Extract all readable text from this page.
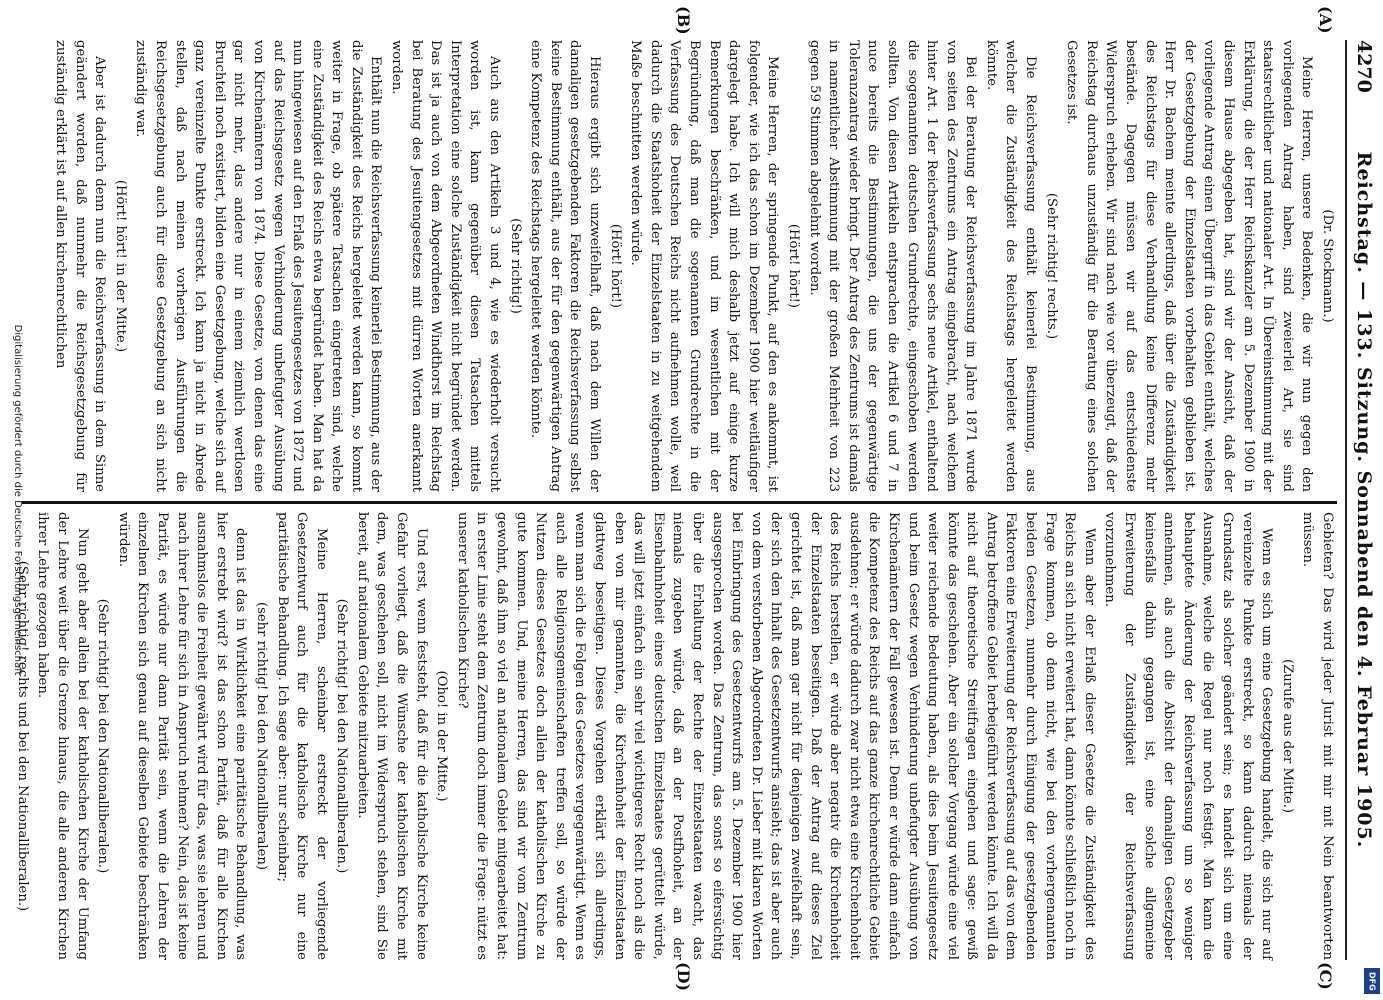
4270
Reichstag. — 133. Sitzung. Sonnabend den 4. Februar 1905.
(A)
(B)
(C)
(D)

(Dr. Stockmann.)

Meine Herren, unsere Bedenken, die wir nun gegen den vorliegenden Antrag haben, sind zweierlei Art, sie sind staatsrechtlicher und nationaler Art. In Übereinstimmung mit der Erklärung, die der Herr Reichskanzler am 5. Dezember 1900 in diesem Hause abgegeben hat, sind wir der Ansicht, daß der vorliegende Antrag einen Übergriff in das Gebiet enthält, welches der Gesetzgebung der Einzelstaaten vorbehalten geblieben ist. Herr Dr. Bachem meinte allerdings, daß über die Zuständigkeit des Reichstags für diese Verhandlung keine Differenz mehr bestände. Dagegen müssen wir auf das entschiedenste Widerspruch erheben. Wir sind nach wie vor überzeugt, daß der Reichstag durchaus unzuständig für die Beratung eines solchen Gesetzes ist.

(Sehr richtig! rechts.)

Die Reichsverfassung enthält keinerlei Bestimmung, aus welcher die Zuständigkeit des Reichstags hergeleitet werden könnte.

Bei der Beratung der Reichsverfassung im Jahre 1871 wurde von seiten des Zentrums ein Antrag eingebracht, nach welchem hinter Art. 1 der Reichsverfassung sechs neue Artikel, enthaltend die sogenannten deutschen Grundrechte, eingeschoben werden sollten. Von diesen Artikeln entsprachen die Artikel 6 und 7 in nuce bereits die Bestimmungen, die uns der gegenwärtige Toleranzantrag wieder bringt. Der Antrag des Zentrums ist damals in namentlicher Abstimmung mit der großen Mehrheit von 223 gegen 59 Stimmen abgelehnt worden.

(Hört! hört!)

Meine Herren, der springende Punkt, auf den es ankommt, ist folgender, wie ich das schon im Dezember 1900 hier weitläufiger dargelegt habe. Ich will mich deshalb jetzt auf einige kurze Bemerkungen beschränken, und im wesentlichen mit der Begründung, daß man die sogenannten Grundrechte in die Verfassung des Deutschen Reichs nicht aufnehmen wolle, weil dadurch die Staatshoheit der Einzelstaaten in zu weitgehendem Maße beschnitten werden würde.

(Hört! hört!)

Hieraus ergibt sich unzweifelhaft, daß nach dem Willen der damaligen gesetzgebenden Faktoren die Reichsverfassung selbst keine Bestimmung enthält, aus der für den gegenwärtigen Antrag eine Kompetenz des Reichstags hergeleitet werden könnte.

(Sehr richtig!)

Auch aus den Artikeln 3 und 4, wie es wiederholt versucht worden ist, kann gegenüber diesen Tatsachen mittels Interpretation eine solche Zuständigkeit nicht begründet werden. Das ist ja auch von dem Abgeordneten Windthorst im Reichstag bei Beratung des Jesuitengesetzes mit dürren Worten anerkannt worden.

Enthält nun die Reichsverfassung keinerlei Bestimmung, aus der die Zuständigkeit des Reichs hergeleitet werden kann, so kommt weiter in Frage, ob spätere Tatsachen eingetreten sind, welche eine Zuständigkeit des Reichs etwa begründet haben. Man hat da nun hingewiesen auf den Erlaß des Jesuitengesetzes von 1872 und auf das Reichsgesetz wegen Verhinderung unbefugter Ausübung von Kirchenämtern von 1874. Diese Gesetze, von denen das eine gar nicht mehr, das andere nur in einem ziemlich wertlosen Bruchteil noch existiert, bilden eine Gesetzgebung, welche sich auf ganz vereinzelte Punkte erstreckt. Ich kann ja nicht in Abrede stellen, daß nach meinen vorherigen Ausführungen die Reichsgesetzgebung auch für diese Gesetzgebung an sich nicht zuständig war.

(Hört! hört! in der Mitte.)

Aber ist dadurch denn nun die Reichsverfassung in dem Sinne geändert worden, daß nunmehr die Reichsgesetzgebung für zuständig erklärt ist auf allen kirchenrechtlichen

Gebieten? Das wird jeder Jurist mit mir mit Nein beantworten müssen.

(Zurufe aus der Mitte.)

Wenn es sich um eine Gesetzgebung handelt, die sich nur auf vereinzelte Punkte erstreckt, so kann dadurch niemals der Grundsatz als solcher geändert sein; es handelt sich um eine Ausnahme, welche die Regel nur noch festigt. Man kann die behauptete Änderung der Reichsverfassung um so weniger annehmen, als auch die Absicht der damaligen Gesetzgeber keinesfalls dahin gegangen ist, eine solche allgemeine Erweiterung der Zuständigkeit der Reichsverfassung vorzunehmen.

Wenn aber der Erlaß dieser Gesetze die Zuständigkeit des Reichs an sich nicht erweitert hat, dann könnte schließlich noch in Frage kommen, ob denn nicht, wie bei den vorhergenannten beiden Gesetzen, nunmehr durch Einigung der gesetzgebenden Faktoren eine Erweiterung der Reichsverfassung auf das von dem Antrag betroffene Gebiet herbeigeführt werden könnte. Ich will da nicht auf theoretische Streitfragen eingehen und sage: gewiß könnte das geschehen. Aber ein solcher Vorgang würde eine viel weiter reichende Bedeutung haben, als dies beim Jesuitengesetz und beim Gesetz wegen Verhinderung unbefugter Ausübung von Kirchenämtern der Fall gewesen ist. Denn er würde dann einfach die Kompetenz des Reichs auf das ganze kirchenrechtliche Gebiet ausdehnen; er würde dadurch zwar nicht etwa eine Kirchenhoheit des Reichs herstellen, er würde aber negativ die Kirchenhoheit der Einzelstaaten beseitigen. Daß der Antrag auf dieses Ziel gerichtet ist, daß man gar nicht für denjenigen zweifelhaft sein, der sich den Inhalt des Gesetzentwurfs ansieht; das ist aber auch von dem verstorbenen Abgeordneten Dr. Lieber mit klaren Worten bei Einbringung des Gesetzentwurfs am 5. Dezember 1900 hier ausgesprochen worden. Das Zentrum, das sonst so eifersüchtig über die Erhaltung der Rechte der Einzelstaaten wacht, das niemals zugeben würde, daß an der Postfhoheit, an der Eisenbahnhoheit eines deutschen Einzelstaates gerüttelt würde, das will jetzt einfach ein sehr viel wichtigeres Recht noch als die eben von mir genannten, die Kirchenhoheit der Einzelstaaten glattweg beseitigen. Dieses Vorgehen erklärt sich allerdings, wenn man sich die Folgen des Gesetzes vergegenwärtigt. Wenn es auch alle Religionsgemeinschaften treffen soll, so würde der Nutzen dieses Gesetzes doch allein der katholischen Kirche zu gute kommen. Und, meine Herren, das sind wir vom Zentrum gewohnt, daß ihm so viel an nationalem Gebiet mitgearbeitet hat: in erster Linie steht dem Zentrum doch immer die Frage: nützt es unserer katholischen Kirche?

(Oho! in der Mitte.)

Und erst, wenn feststeht, daß für die katholische Kirche keine Gefahr vorliegt, daß die Wünsche der katholischen Kirche mit dem, was geschehen soll, nicht im Widerspruch stehen, sind Sie bereit, auf nationalem Gebiete mitzuarbeiten.

(Sehr richtig! bei den Nationalliberalen.)

Meine Herren, scheinbar erstreckt der vorliegende Gesetzentwurf auch für die katholische Kirche nur eine paritätische Behandlung. Ich sage aber: nur scheinbar;

(sehr richtig! bei den Nationalliberalen)

denn ist das in Wirklichkeit eine paritätische Behandlung, was hier erstrebt wird? ist das schon Parität, daß für alle Kirchen ausnahmslos die Freiheit gewährt wird für das, was sie lehren und nach ihrer Lehre für sich in Anspruch nehmen? Nein, das ist keine Parität, es würde nur dann Parität sein, wenn die Lehren der einzelnen Kirchen sich genau auf dieselben Gebiete beschränken würden.

(Sehr richtig! bei den Nationalliberalen.)

Nun geht aber allein bei der katholischen Kirche der Umfang der Lehre weit über die Grenze hinaus, die alle anderen Kirchen ihrer Lehre gezogen haben.

(Sehr richtig! rechts und bei den Nationalliberalen.)

Digitalisierung gefördert durch die Deutsche Forschungsgemeinschaft
DFG
